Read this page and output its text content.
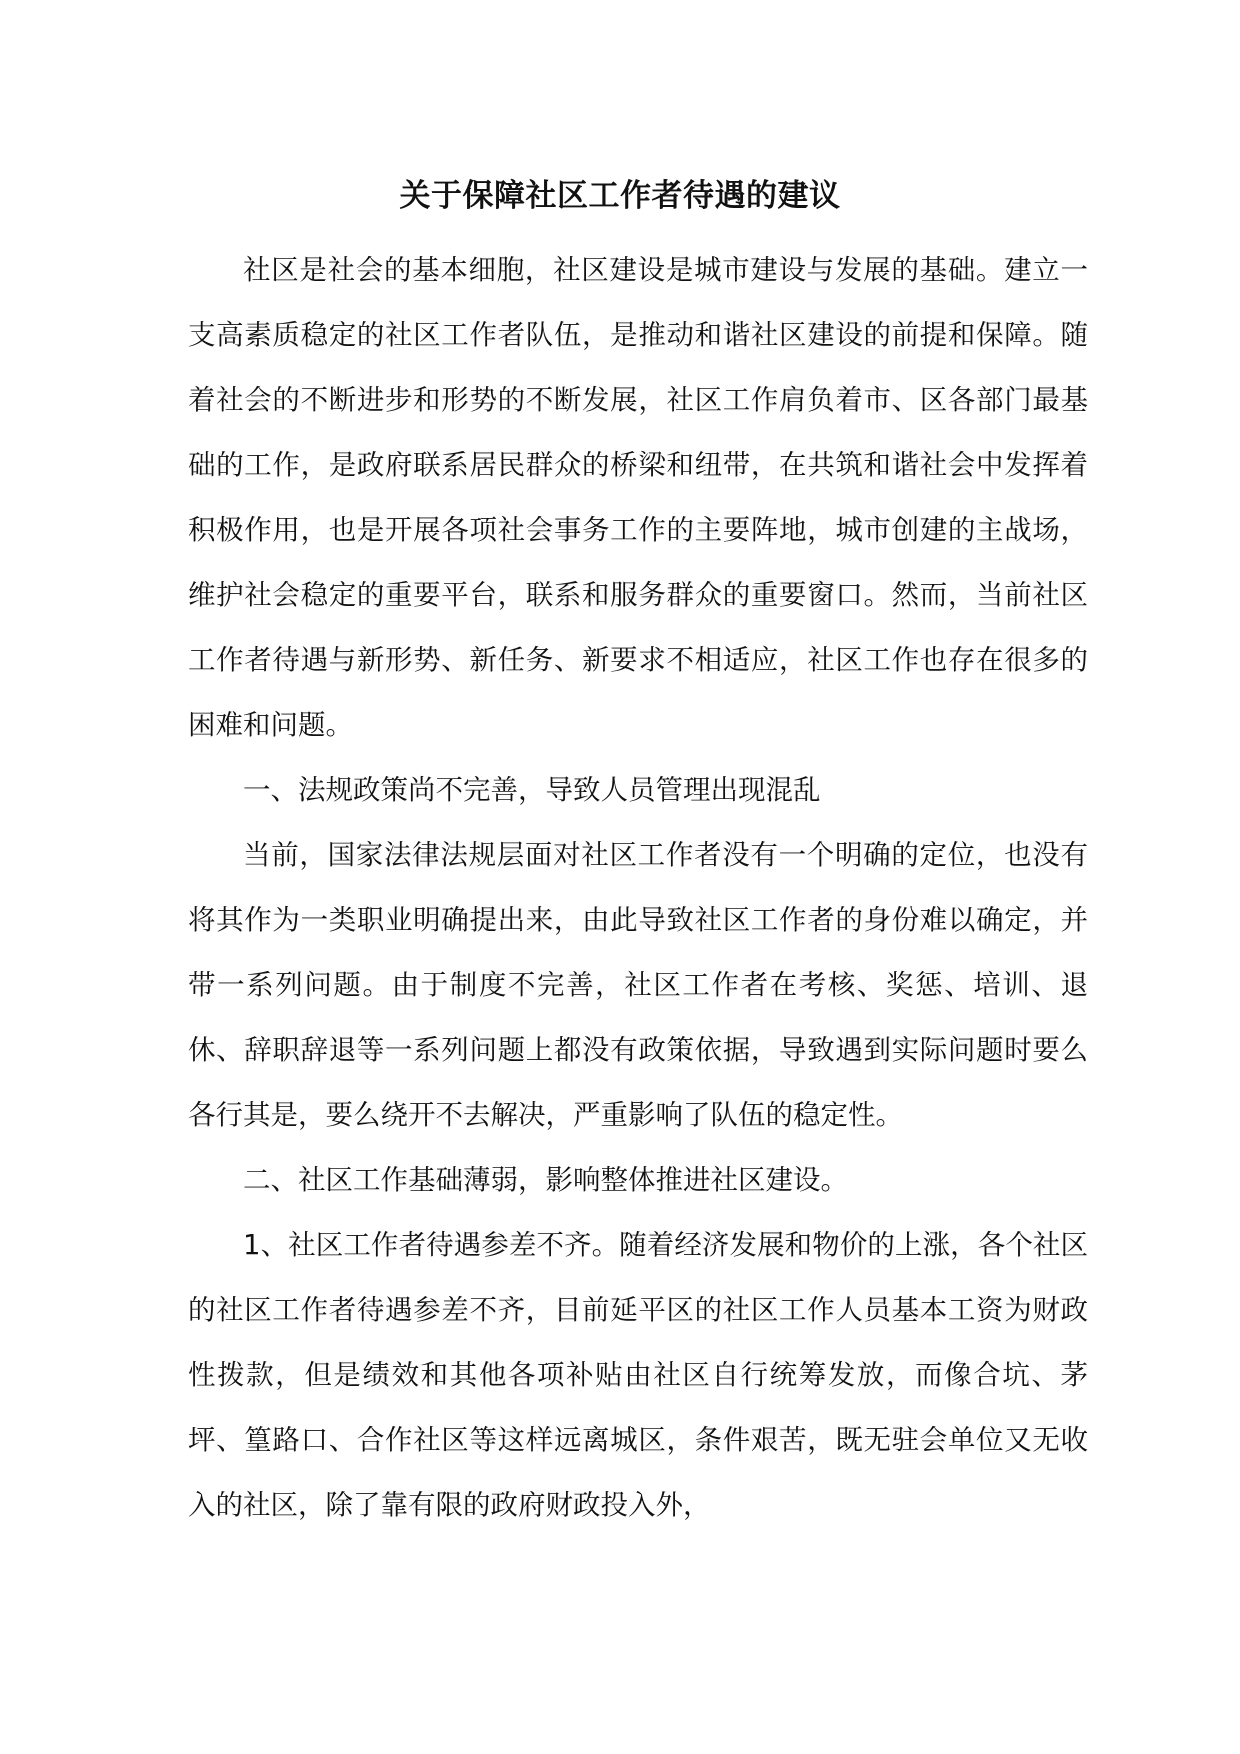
关于保障社区工作者待遇的建议

社区是社会的基本细胞，社区建设是城市建设与发展的基础。建立一支高素质稳定的社区工作者队伍，是推动和谐社区建设的前提和保障。随着社会的不断进步和形势的不断发展，社区工作肩负着市、区各部门最基础的工作，是政府联系居民群众的桥梁和纽带，在共筑和谐社会中发挥着积极作用，也是开展各项社会事务工作的主要阵地，城市创建的主战场，维护社会稳定的重要平台，联系和服务群众的重要窗口。然而，当前社区工作者待遇与新形势、新任务、新要求不相适应，社区工作也存在很多的困难和问题。

一、法规政策尚不完善，导致人员管理出现混乱

当前，国家法律法规层面对社区工作者没有一个明确的定位，也没有将其作为一类职业明确提出来，由此导致社区工作者的身份难以确定，并带一系列问题。由于制度不完善，社区工作者在考核、奖惩、培训、退休、辞职辞退等一系列问题上都没有政策依据，导致遇到实际问题时要么各行其是，要么绕开不去解决，严重影响了队伍的稳定性。

二、社区工作基础薄弱，影响整体推进社区建设。

1、社区工作者待遇参差不齐。随着经济发展和物价的上涨，各个社区的社区工作者待遇参差不齐，目前延平区的社区工作人员基本工资为财政性拨款，但是绩效和其他各项补贴由社区自行统筹发放，而像合坑、茅坪、篁路口、合作社区等这样远离城区，条件艰苦，既无驻会单位又无收入的社区，除了靠有限的政府财政投入外，
